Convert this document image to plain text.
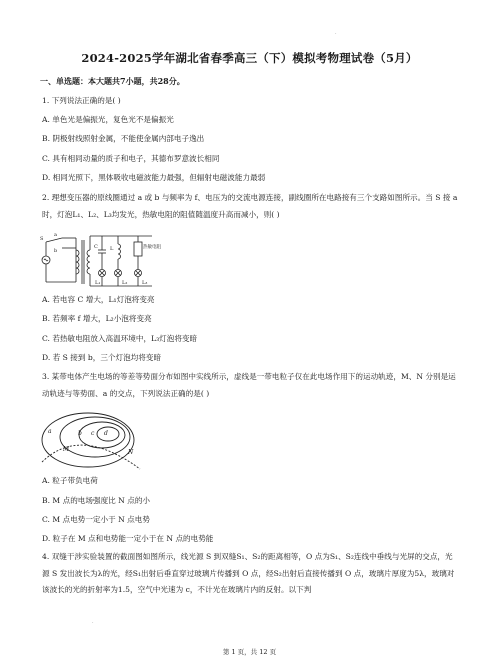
·
2024-2025学年湖北省春季高三（下）模拟考物理试卷（5月）
一、单选题：本大题共7小题，共28分。
1. 下列说法正确的是( )
A. 单色光是偏振光，复色光不是偏振光
B. 阴极射线照射金属，不能使金属内部电子逸出
C. 具有相同动量的质子和电子，其德布罗意波长相同
D. 相同光照下，黑体吸收电磁波能力最强，但辐射电磁波能力最弱
2. 理想变压器的原线圈通过 a 或 b 与频率为 f、电压为的交流电源连接，副线圈所在电路接有三个支路如图所示。当 S 接 a 时，灯泡L₁、L₂、L₃均发光，热敏电阻的阻值随温度升高而减小，则( )
a
b
S
C L
L₁	L₂	L₃
热敏电阻
A. 若电容 C 增大，L₁灯泡将变亮
B. 若频率 f 增大，L₂小泡将变亮
C. 若热敏电阻放入高温环境中，L₃灯泡将变暗
D. 若 S 接到 b，三个灯泡均将变暗
3. 某带电体产生电场的等差等势面分布如图中实线所示，虚线是一带电粒子仅在此电场作用下的运动轨迹，M、N 分别是运动轨迹与等势面、a 的交点，下列说法正确的是( )
a	b c d
M	N
A. 粒子带负电荷
B. M 点的电场强度比 N 点的小
C. M 点电势一定小于 N 点电势
D. 粒子在 M 点和电势能一定小于在 N 点的电势能
4. 双缝干涉实验装置的截面图如图所示，线光源 S 到双缝S₁、S₂的距离相等，O 点为S₁、S₂连线中垂线与光屏的交点，光源 S 发出波长为λ的光，经S₁出射后垂直穿过玻璃片传播到 O 点，经S₂出射后直接传播到 O 点，玻璃片厚度为5λ，玻璃对该波长的光的折射率为1.5，空气中光速为 c，不计光在玻璃片内的反射。以下判
·
第 1 页，共 12 页
